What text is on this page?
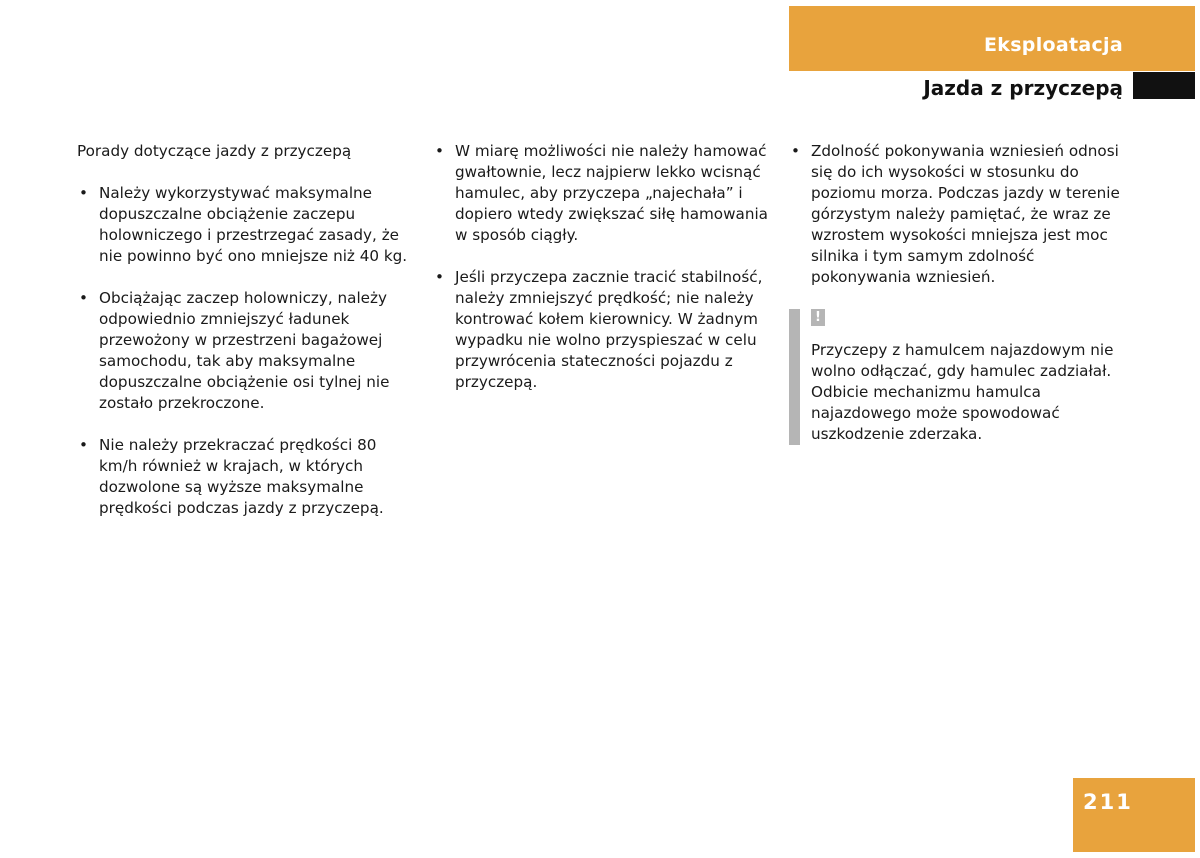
Eksploatacja
Jazda z przyczepą

Porady dotyczące jazdy z przyczepą

• Należy wykorzystywać maksymalne dopuszczalne obciążenie zaczepu holowniczego i przestrzegać zasady, że nie powinno być ono mniejsze niż 40 kg.
• Obciążając zaczep holowniczy, należy odpowiednio zmniejszyć ładunek przewożony w przestrzeni bagażowej samochodu, tak aby maksymalne dopuszczalne obciążenie osi tylnej nie zostało przekroczone.
• Nie należy przekraczać prędkości 80 km/h również w krajach, w których dozwolone są wyższe maksymalne prędkości podczas jazdy z przyczepą.
• W miarę możliwości nie należy hamować gwałtownie, lecz najpierw lekko wcisnąć hamulec, aby przyczepa „najechała” i dopiero wtedy zwiększać siłę hamowania w sposób ciągły.
• Jeśli przyczepa zacznie tracić stabilność, należy zmniejszyć prędkość; nie należy kontrować kołem kierownicy. W żadnym wypadku nie wolno przyspieszać w celu przywrócenia stateczności pojazdu z przyczepą.
• Zdolność pokonywania wzniesień odnosi się do ich wysokości w stosunku do poziomu morza. Podczas jazdy w terenie górzystym należy pamiętać, że wraz ze wzrostem wysokości mniejsza jest moc silnika i tym samym zdolność pokonywania wzniesień.
!
Przyczepy z hamulcem najazdowym nie wolno odłączać, gdy hamulec zadziałał. Odbicie mechanizmu hamulca najazdowego może spowodować uszkodzenie zderzaka.
211
